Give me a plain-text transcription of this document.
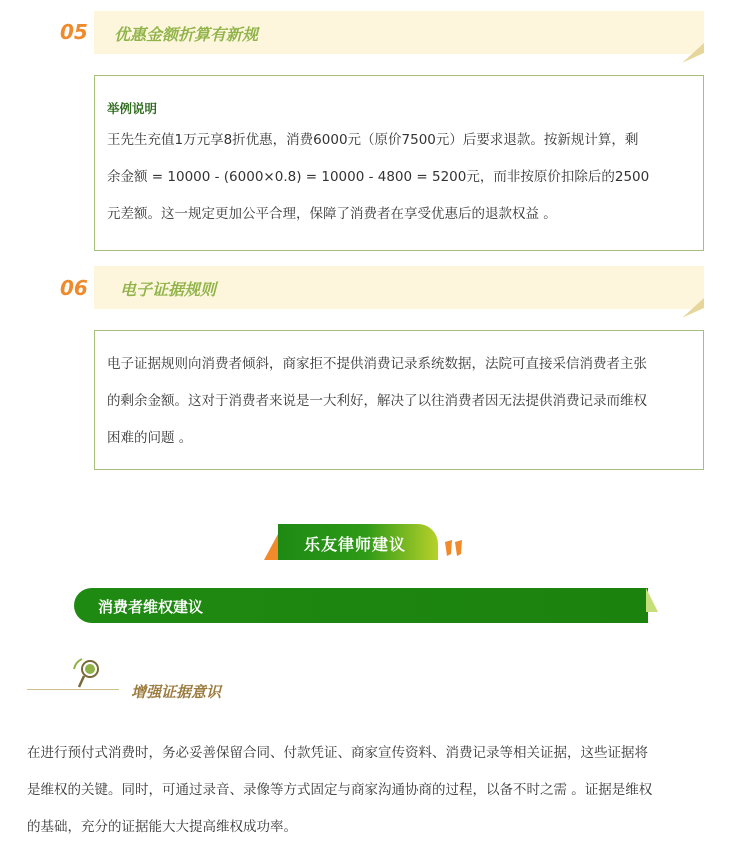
05 优惠金额折算有新规

举例说明

王先生充值1万元享8折优惠，消费6000元（原价7500元）后要求退款。按新规计算，剩

余金额 = 10000 - (6000×0.8) = 10000 - 4800 = 5200元，而非按原价扣除后的2500

元差额。这一规定更加公平合理，保障了消费者在享受优惠后的退款权益 。

06 电子证据规则

电子证据规则向消费者倾斜，商家拒不提供消费记录系统数据，法院可直接采信消费者主张

的剩余金额。这对于消费者来说是一大利好，解决了以往消费者因无法提供消费记录而维权

困难的问题 。

乐友律师建议
消费者维权建议
增强证据意识
在进行预付式消费时，务必妥善保留合同、付款凭证、商家宣传资料、消费记录等相关证据，这些证据将
是维权的关键。同时，可通过录音、录像等方式固定与商家沟通协商的过程，以备不时之需 。证据是维权
的基础，充分的证据能大大提高维权成功率。
